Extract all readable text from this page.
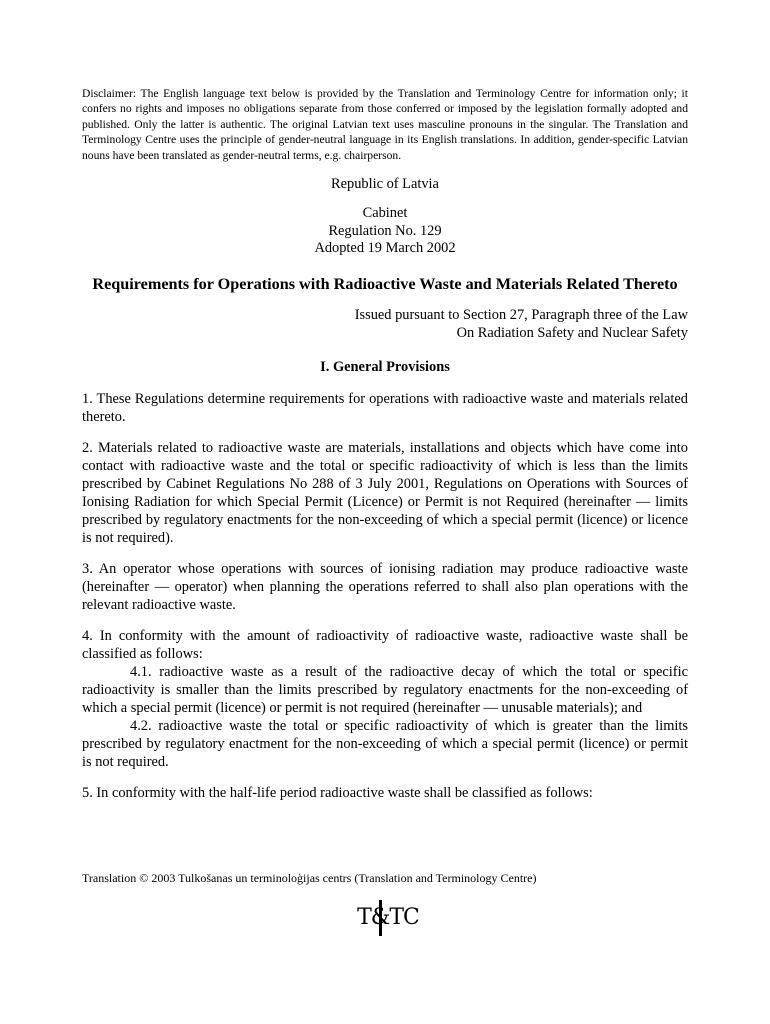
Disclaimer: The English language text below is provided by the Translation and Terminology Centre for information only; it confers no rights and imposes no obligations separate from those conferred or imposed by the legislation formally adopted and published. Only the latter is authentic. The original Latvian text uses masculine pronouns in the singular. The Translation and Terminology Centre uses the principle of gender-neutral language in its English translations. In addition, gender-specific Latvian nouns have been translated as gender-neutral terms, e.g. chairperson.

Republic of Latvia
Cabinet
Regulation No. 129
Adopted 19 March 2002
Requirements for Operations with Radioactive Waste and Materials Related Thereto
Issued pursuant to Section 27, Paragraph three of the Law
On Radiation Safety and Nuclear Safety
I. General Provisions

1. These Regulations determine requirements for operations with radioactive waste and materials related thereto.

2. Materials related to radioactive waste are materials, installations and objects which have come into contact with radioactive waste and the total or specific radioactivity of which is less than the limits prescribed by Cabinet Regulations No 288 of 3 July 2001, Regulations on Operations with Sources of Ionising Radiation for which Special Permit (Licence) or Permit is not Required (hereinafter — limits prescribed by regulatory enactments for the non-exceeding of which a special permit (licence) or licence is not required).

3. An operator whose operations with sources of ionising radiation may produce radioactive waste (hereinafter — operator) when planning the operations referred to shall also plan operations with the relevant radioactive waste.

4. In conformity with the amount of radioactivity of radioactive waste, radioactive waste shall be classified as follows:

4.1. radioactive waste as a result of the radioactive decay of which the total or specific radioactivity is smaller than the limits prescribed by regulatory enactments for the non-exceeding of which a special permit (licence) or permit is not required (hereinafter — unusable materials); and

4.2. radioactive waste the total or specific radioactivity of which is greater than the limits prescribed by regulatory enactment for the non-exceeding of which a special permit (licence) or permit is not required.

5. In conformity with the half-life period radioactive waste shall be classified as follows:

Translation © 2003 Tulkošanas un terminoloģijas centrs (Translation and Terminology Centre)
T&TC
